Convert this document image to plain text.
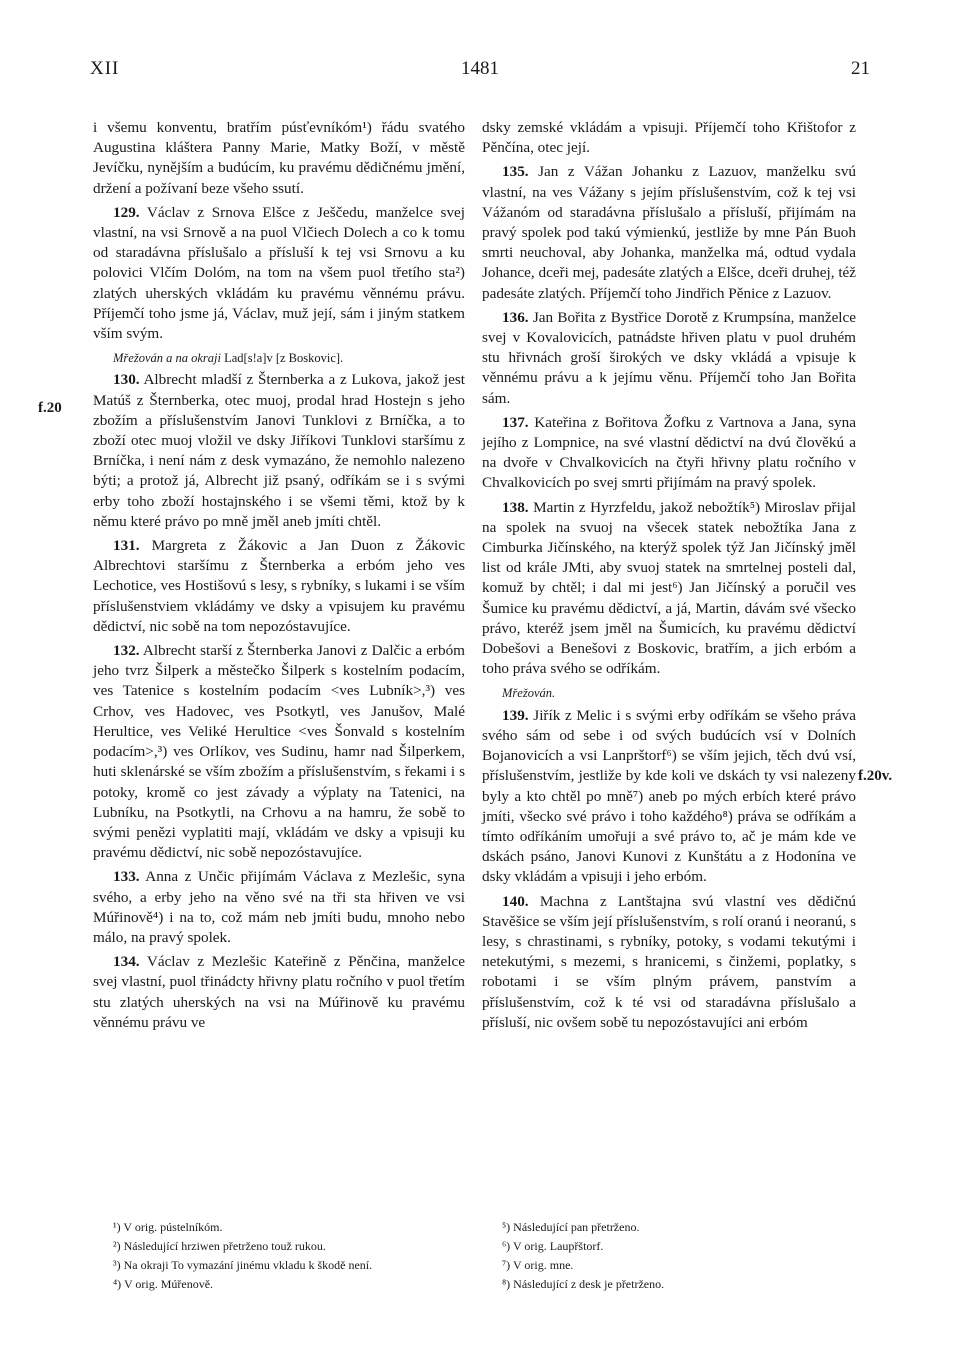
XII	1481	21
f.20
f.20v.

i všemu konventu, bratřím púsťevníkóm¹) řádu svatého Augustina kláštera Panny Marie, Matky Boží, v městě Jevíčku, nynějším a budúcím, ku pravému dědičnému jmění, držení a požívaní beze všeho ssutí.

129. Václav z Srnova Elšce z Ješčedu, manželce svej vlastní, na vsi Srnově a na puol Vlčiech Dolech a co k tomu od staradávna příslušalo a přísluší k tej vsi Srnovu a ku polovici Vlčím Dolóm, na tom na všem puol třetího sta²) zlatých uherských vkládám ku pravému věnnému právu. Příjemčí toho jsme já, Václav, muž její, sám i jiným statkem vším svým.

Mřežován a na okraji Lad[s!a]v [z Boskovic].

130. Albrecht mladší z Šternberka a z Lukova, jakož jest Matúš z Šternberka, otec muoj, prodal hrad Hostejn s jeho zbožím a příslušenstvím Janovi Tunklovi z Brníčka, a to zboží otec muoj vložil ve dsky Jiříkovi Tunklovi staršímu z Brníčka, i není nám z desk vymazáno, že nemohlo nalezeno býti; a protož já, Albrecht již psaný, odříkám se i s svými erby toho zboží hostajnského i se všemi těmi, ktož by k němu které právo po mně jměl aneb jmíti chtěl.

131. Margreta z Žákovic a Jan Duon z Žákovic Albrechtovi staršímu z Šternberka a erbóm jeho ves Lechotice, ves Hostišovú s lesy, s rybníky, s lukami i se vším příslušenstviem vkládámy ve dsky a vpisujem ku pravému dědictví, nic sobě na tom nepozóstavujíce.

132. Albrecht starší z Šternberka Janovi z Dalčic a erbóm jeho tvrz Šilperk a městečko Šilperk s kostelním podacím, ves Tatenice s kostelním podacím <ves Lubník>,³) ves Crhov, ves Hadovec, ves Psotkytl, ves Janušov, Malé Herultice, ves Veliké Herultice <ves Šonvald s kostelním podacím>,³) ves Orlíkov, ves Sudinu, hamr nad Šilperkem, huti sklenárské se vším zbožím a příslušenstvím, s řekami i s potoky, kromě co jest závady a výplaty na Tatenici, na Lubníku, na Psotkytli, na Crhovu a na hamru, že sobě to svými penězi vyplatiti mají, vkládám ve dsky a vpisuji ku pravému dědictví, nic sobě nepozóstavujíce.

133. Anna z Unčic přijímám Václava z Mezlešic, syna svého, a erby jeho na věno své na tři sta hřiven ve vsi Múřinově⁴) i na to, což mám neb jmíti budu, mnoho nebo málo, na pravý spolek.

134. Václav z Mezlešic Kateřině z Pěnčina, manželce svej vlastní, puol třinádcty hřivny platu ročního v puol třetím stu zlatých uherských na vsi na Múřinově ku pravému věnnému právu ve

dsky zemské vkládám a vpisuji. Příjemčí toho Křištofor z Pěnčína, otec její.

135. Jan z Vážan Johanku z Lazuov, manželku svú vlastní, na ves Vážany s jejím příslušenstvím, což k tej vsi Vážanóm od staradávna příslušalo a přísluší, přijímám na pravý spolek pod takú výmienkú, jestliže by mne Pán Buoh smrti neuchoval, aby Johanka, manželka má, odtud vydala Johance, dceři mej, padesáte zlatých a Elšce, dceři druhej, též padesáte zlatých. Příjemčí toho Jindřich Pěnice z Lazuov.

136. Jan Bořita z Bystřice Dorotě z Krumpsína, manželce svej v Kovalovicích, patnádste hřiven platu v puol druhém stu hřivnách groší širokých ve dsky vkládá a vpisuje k věnnému právu a k jejímu věnu. Příjemčí toho Jan Bořita sám.

137. Kateřina z Bořitova Žofku z Vartnova a Jana, syna jejího z Lompnice, na své vlastní dědictví na dvú člověkú a na dvoře v Chvalkovicích na čtyři hřivny platu ročního v Chvalkovicích po svej smrti přijímám na pravý spolek.

138. Martin z Hyrzfeldu, jakož nebožtík⁵) Miroslav přijal na spolek na svuoj na všecek statek nebožtíka Jana z Cimburka Jičínského, na kterýž spolek týž Jan Jičínský jměl list od krále JMti, aby svuoj statek na smrtelnej posteli dal, komuž by chtěl; i dal mi jest⁶) Jan Jičínský a poručil ves Šumice ku pravému dědictví, a já, Martin, dávám své všecko právo, kteréž jsem jměl na Šumicích, ku pravému dědictví Dobešovi a Benešovi z Boskovic, bratřím, a jich erbóm a toho práva svého se odříkám.

Mřežován.

139. Jiřík z Melic i s svými erby odříkám se všeho práva svého sám od sebe i od svých budúcích vsí v Dolních Bojanovicích a vsi Lanprštorf⁶) se vším jejich, těch dvú vsí, příslušenstvím, jestliže by kde koli ve dskách ty vsi nalezeny byly a kto chtěl po mně⁷) aneb po mých erbích které právo jmíti, všecko své právo i toho každého⁸) práva se odříkám a tímto odříkáním umořuji a své právo to, ač je mám kde ve dskách psáno, Janovi Kunovi z Kunštátu a z Hodonína ve dsky vkládám a vpisuji i jeho erbóm.

140. Machna z Lantštajna svú vlastní ves dědičnú Stavěšice se vším její příslušenstvím, s rolí oranú i neoranú, s lesy, s chrastinami, s rybníky, potoky, s vodami tekutými i netekutými, s mezemi, s hranicemi, s činžemi, poplatky, s robotami i se vším plným právem, panstvím a příslušenstvím, což k té vsi od staradávna příslušalo a přísluší, nic ovšem sobě tu nepozóstavujíci ani erbóm

¹) V orig. pústelníkóm.
²) Následující hrziwen přetrženo touž rukou.
³) Na okraji To vymazání jinému vkladu k škodě není.
⁴) V orig. Múřenově.
⁵) Následující pan přetrženo.
⁶) V orig. Laupřštorf.
⁷) V orig. mne.
⁸) Následující z desk je přetrženo.
